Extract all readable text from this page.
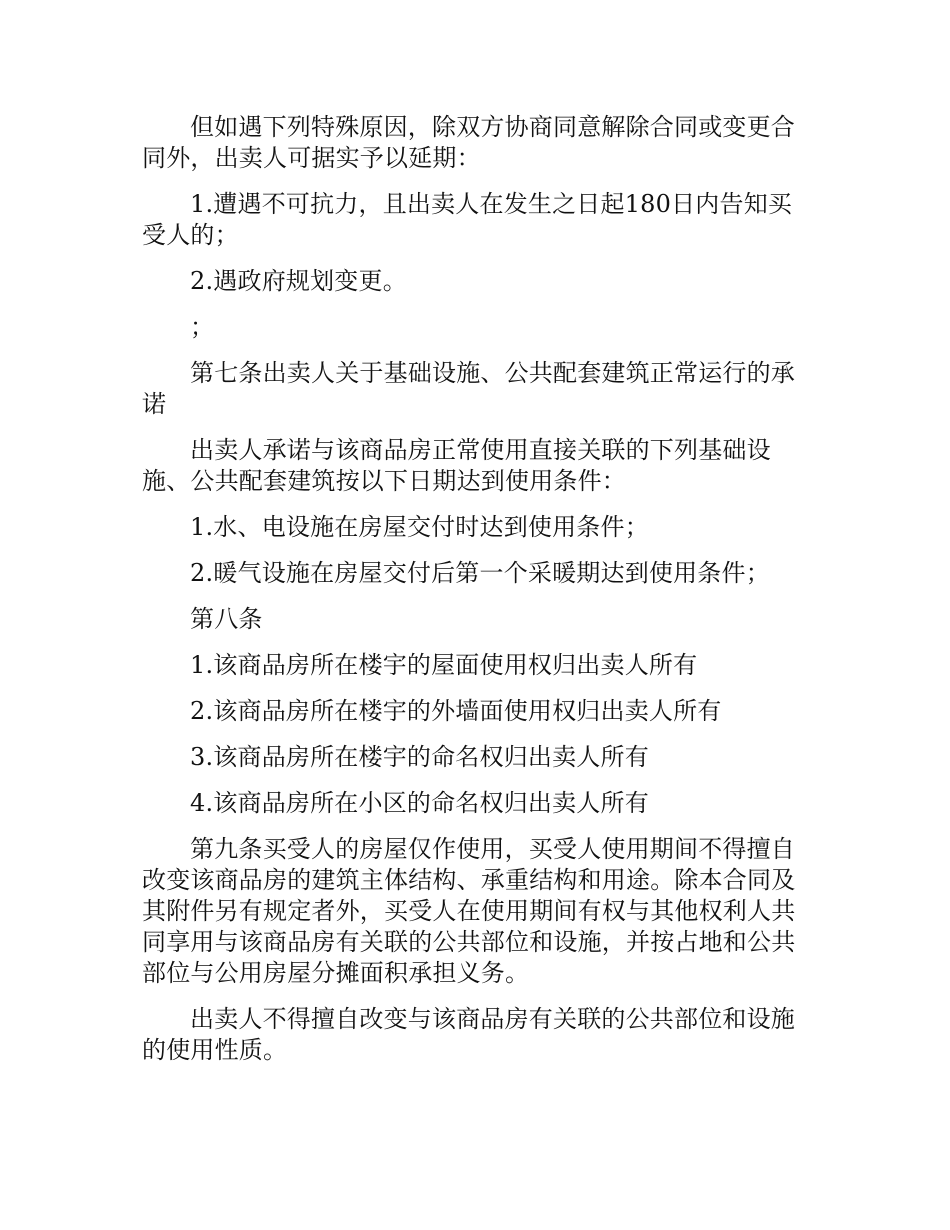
但如遇下列特殊原因，除双方协商同意解除合同或变更合同外，出卖人可据实予以延期：

1.遭遇不可抗力，且出卖人在发生之日起180日内告知买受人的；

2.遇政府规划变更。

；

第七条出卖人关于基础设施、公共配套建筑正常运行的承诺

出卖人承诺与该商品房正常使用直接关联的下列基础设施、公共配套建筑按以下日期达到使用条件：

1.水、电设施在房屋交付时达到使用条件；

2.暖气设施在房屋交付后第一个采暖期达到使用条件；

第八条

1.该商品房所在楼宇的屋面使用权归出卖人所有

2.该商品房所在楼宇的外墙面使用权归出卖人所有

3.该商品房所在楼宇的命名权归出卖人所有

4.该商品房所在小区的命名权归出卖人所有

第九条买受人的房屋仅作使用，买受人使用期间不得擅自改变该商品房的建筑主体结构、承重结构和用途。除本合同及其附件另有规定者外，买受人在使用期间有权与其他权利人共同享用与该商品房有关联的公共部位和设施，并按占地和公共部位与公用房屋分摊面积承担义务。

出卖人不得擅自改变与该商品房有关联的公共部位和设施的使用性质。
